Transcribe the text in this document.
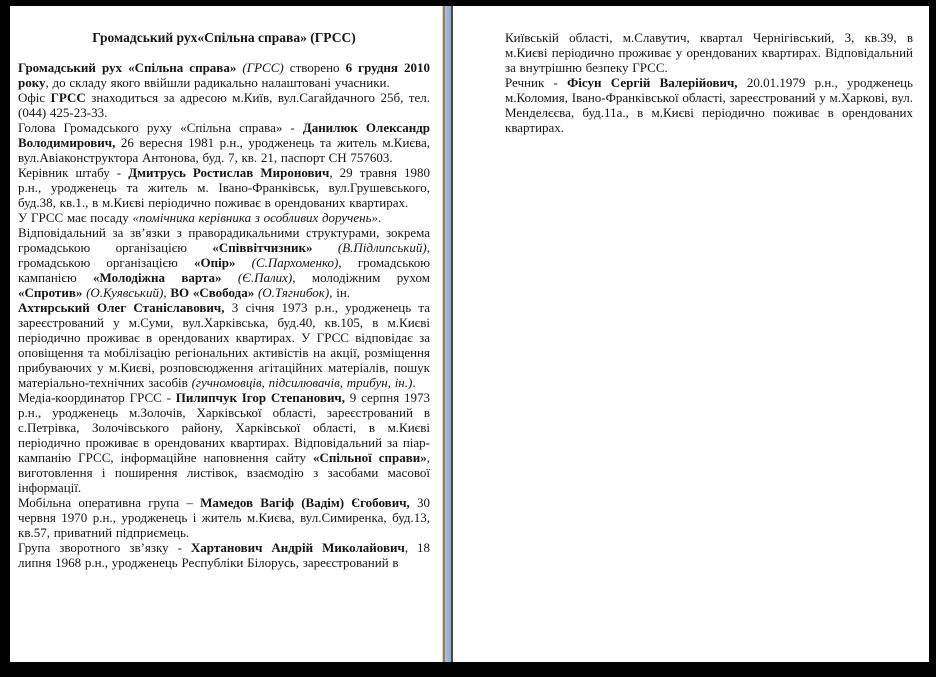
Громадський рух«Спільна справа» (ГРСС)

Громадський рух «Спільна справа» (ГРСС) створено 6 грудня 2010 року, до складу якого ввійшли радикально налаштовані учасники.

Офіс ГРСС знаходиться за адресою м.Київ, вул.Сагайдачного 25б, тел. (044) 425-23-33.

Голова Громадського руху «Спільна справа» - Данилюк Олександр Володимирович, 26 вересня 1981 р.н., уродженець та житель м.Києва, вул.Авіаконструктора Антонова, буд. 7, кв. 21, паспорт СН 757603.

Керівник штабу - Дмитрусь Ростислав Миронович, 29 травня 1980 р.н., уродженець та житель м. Івано-Франківськ, вул.Грушевського, буд.38, кв.1., в м.Києві періодично поживає в орендованих квартирах.

У ГРСС має посаду «помічника керівника з особливих доручень».

Відповідальний за зв’язки з праворадикальними структурами, зокрема громадською організацією «Співвітчизник» (В.Підлипський), громадською організацією «Опір» (С.Пархоменко), громадською кампанією «Молодіжна варта» (Є.Палих), молодіжним рухом «Спротив» (О.Куявський), ВО «Свобода» (О.Тягнибок), ін.

Ахтирський Олег Станіславович, 3 січня 1973 р.н., уродженець та зареєстрований у м.Суми, вул.Харківська, буд.40, кв.105, в м.Києві періодично проживає в орендованих квартирах. У ГРСС відповідає за оповіщення та мобілізацію регіональних активістів на акції, розміщення прибуваючих у м.Києві, розповсюдження агітаційних матеріалів, пошук матеріально-технічних засобів (гучномовців, підсилювачів, трибун, ін.).

Медіа-координатор ГРСС - Пилипчук Ігор Степанович, 9 серпня 1973 р.н., уродженець м.Золочів, Харківської області, зареєстрований в с.Петрівка, Золочівського району, Харківської області, в м.Києві періодично проживає в орендованих квартирах. Відповідальний за піар-кампанію ГРСС, інформаційне наповнення сайту «Спільної справи», виготовлення і поширення листівок, взаємодію з засобами масової інформації.

Мобільна оперативна група – Мамедов Вагіф (Вадім) Єгобович, 30 червня 1970 р.н., уродженець і житель м.Києва, вул.Симиренка, буд.13, кв.57, приватний підприємець.

Група зворотного зв’язку - Хартанович Андрій Миколайович, 18 липня 1968 р.н., уродженець Республіки Білорусь, зареєстрований в

Київській області, м.Славутич, квартал Чернігівський, 3, кв.39, в м.Києві періодично проживає у орендованих квартирах. Відповідальний за внутрішню безпеку ГРСС.

Речник - Фісун Сергій Валерійович, 20.01.1979 р.н., уродженець м.Коломия, Івано-Франківської області, зареєстрований у м.Харкові, вул. Менделєєва, буд.11а., в м.Києві періодично поживає в орендованих квартирах.
